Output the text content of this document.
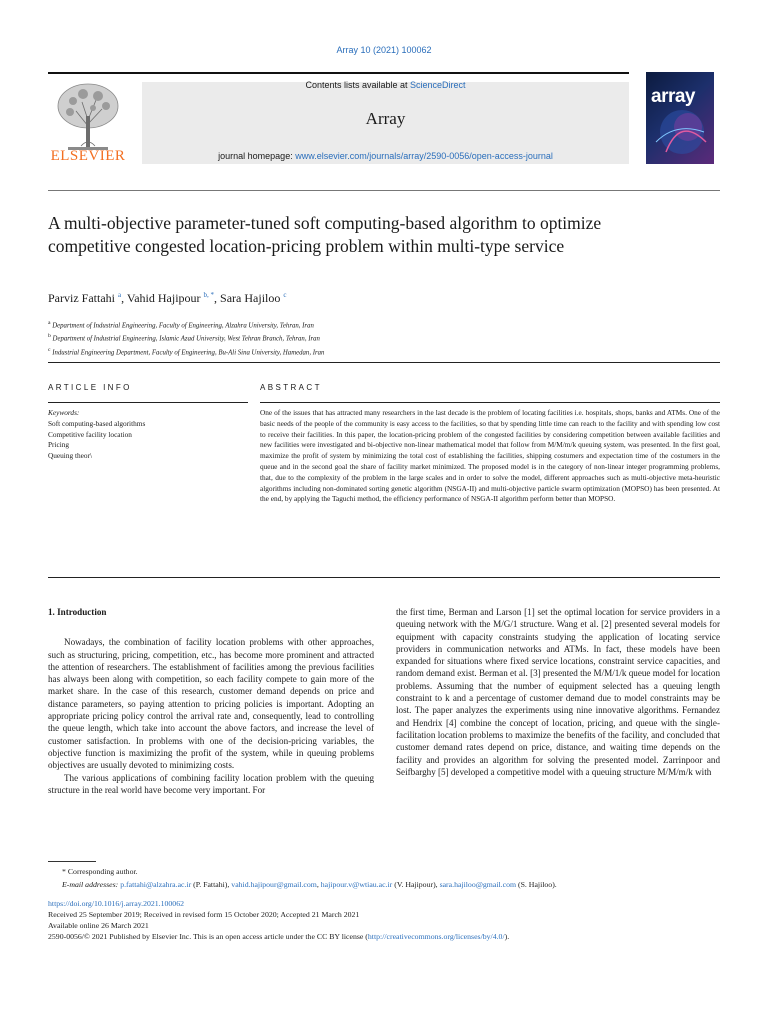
Array 10 (2021) 100062
Contents lists available at ScienceDirect
Array
journal homepage: www.elsevier.com/journals/array/2590-0056/open-access-journal
ELSEVIER
array
A multi-objective parameter-tuned soft computing-based algorithm to optimize competitive congested location-pricing problem within multi-type service
Parviz Fattahi $^a$, Vahid Hajipour $^{b, *}$, Sara Hajiloo $^c$
$^a$ Department of Industrial Engineering, Faculty of Engineering, Alzahra University, Tehran, Iran
$^b$ Department of Industrial Engineering, Islamic Azad University, West Tehran Branch, Tehran, Iran
$^c$ Industrial Engineering Department, Faculty of Engineering, Bu-Ali Sina University, Hamedan, Iran
ARTICLE INFO
Keywords:
Soft computing-based algorithms
Competitive facility location
Pricing
Queuing theor\
ABSTRACT
One of the issues that has attracted many researchers in the last decade is the problem of locating facilities i.e. hospitals, shops, banks and ATMs. One of the basic needs of the people of the community is easy access to the facilities, so that by spending little time can reach to the facility and with spending low cost to receive their facilities. In this paper, the location-pricing problem of the congested facilities by considering competition between available facilities and new facilities were investigated and bi-objective non-linear mathematical model that follow from M/M/m/k queuing system, was presented. In the first goal, maximize the profit of system by minimizing the total cost of establishing the facilities, shipping costumers and expectation time of the costumers in the queue and in the second goal the share of facility market minimized. The proposed model is in the category of non-linear integer programming problems, that, due to the complexity of the problem in the large scales and in order to solve the model, different approaches such as multi-objective meta-heuristic algorithms including non-dominated sorting genetic algorithm (NSGA-II) and multi-objective particle swarm optimization (MOPSO) has been presented. At the end, by applying the Taguchi method, the efficiency performance of NSGA-II algorithm perform better than MOPSO.

1. Introduction

Nowadays, the combination of facility location problems with other approaches, such as structuring, pricing, competition, etc., has become more prominent and attracted the attention of researchers. The establishment of facilities among the previous facilities has always been along with competition, so each facility compete to gain more of the market share. In the case of this research, customer demand depends on price and distance parameters, so paying attention to pricing policies is important. Adopting an appropriate pricing policy control the arrival rate and, consequently, lead to controlling the queue length, which take into account the above factors, and increase the level of customer satisfaction. In problems with one of the decision-pricing variables, the objective function is maximizing the profit of the system, while in queuing problems objectives are usually devoted to minimizing costs.

The various applications of combining facility location problem with the queuing structure in the real world have become very important. For

the first time, Berman and Larson [1] set the optimal location for service providers in a queuing network with the M/G/1 structure. Wang et al. [2] presented several models for equipment with capacity constraints studying the application of locating service providers in communication networks and ATMs. In fact, these models have been expanded for situations where fixed service locations, constraint service capacities, and random demand exist. Berman et al. [3] presented the M/M/1/k queue model for location problems. Assuming that the number of equipment selected has a queuing length constraint to k and a percentage of customer demand due to model constraints may be lost. The paper analyzes the experiments using nine innovative algorithms. Fernandez and Hendrix [4] combine the concept of location, pricing, and queue with the single-facilitation location problems to maximize the benefits of the facility, and concluded that customer demand rates depend on price, distance, and waiting time depends on the facility and provides an algorithm for solving the presented model. Zarrinpoor and Seifbarghy [5] developed a competitive model with a queuing structure M/M/m/k with

* Corresponding author.
E-mail addresses: p.fattahi@alzahra.ac.ir (P. Fattahi), vahid.hajipour@gmail.com, hajipour.v@wtiau.ac.ir (V. Hajipour), sara.hajiloo@gmail.com (S. Hajiloo).
https://doi.org/10.1016/j.array.2021.100062
Received 25 September 2019; Received in revised form 15 October 2020; Accepted 21 March 2021
Available online 26 March 2021
2590-0056/© 2021 Published by Elsevier Inc. This is an open access article under the CC BY license (http://creativecommons.org/licenses/by/4.0/).
